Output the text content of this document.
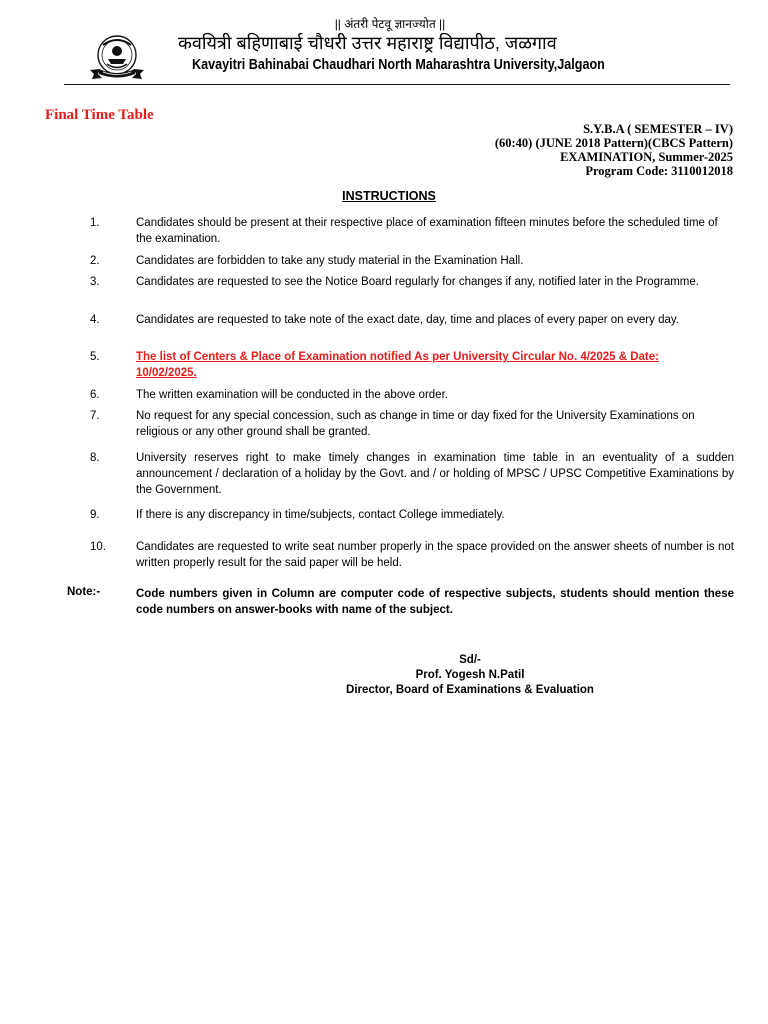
|| अंतरी पेटवू ज्ञानज्योत ||
कवयित्री बहिणाबाई चौधरी उत्तर महाराष्ट्र विद्यापीठ, जळगाव
Kavayitri Bahinabai Chaudhari North Maharashtra University,Jalgaon
Final Time Table
S.Y.B.A ( SEMESTER – IV)
(60:40) (JUNE 2018 Pattern)(CBCS Pattern)
EXAMINATION, Summer-2025
Program Code: 3110012018
INSTRUCTIONS
1.	Candidates should be present at their respective place of examination fifteen minutes before the scheduled time of the examination.
2.	Candidates are forbidden to take any study material in the Examination Hall.
3.	Candidates are requested to see the Notice Board regularly for changes if any, notified later in the Programme.
4.	Candidates are requested to take note of the exact date, day, time and places of every paper on every day.
5.	The list of Centers & Place of Examination notified As per University Circular No. 4/2025 & Date: 10/02/2025.
6.	The written examination will be conducted in the above order.
7.	No request for any special concession, such as change in time or day fixed for the University Examinations on religious or any other ground shall be granted.
8.	University reserves right to make timely changes in examination time table in an eventuality of a sudden announcement / declaration of a holiday by the Govt. and / or holding of MPSC / UPSC Competitive Examinations by the Government.
9.	If there is any discrepancy in time/subjects, contact College immediately.
10.	Candidates are requested to write seat number properly in the space provided on the answer sheets of number is not written properly result for the said paper will be held.
Note:-	Code numbers given in Column are computer code of respective subjects, students should mention these code numbers on answer-books with name of the subject.
Sd/-
Prof. Yogesh N.Patil
Director, Board of Examinations & Evaluation
